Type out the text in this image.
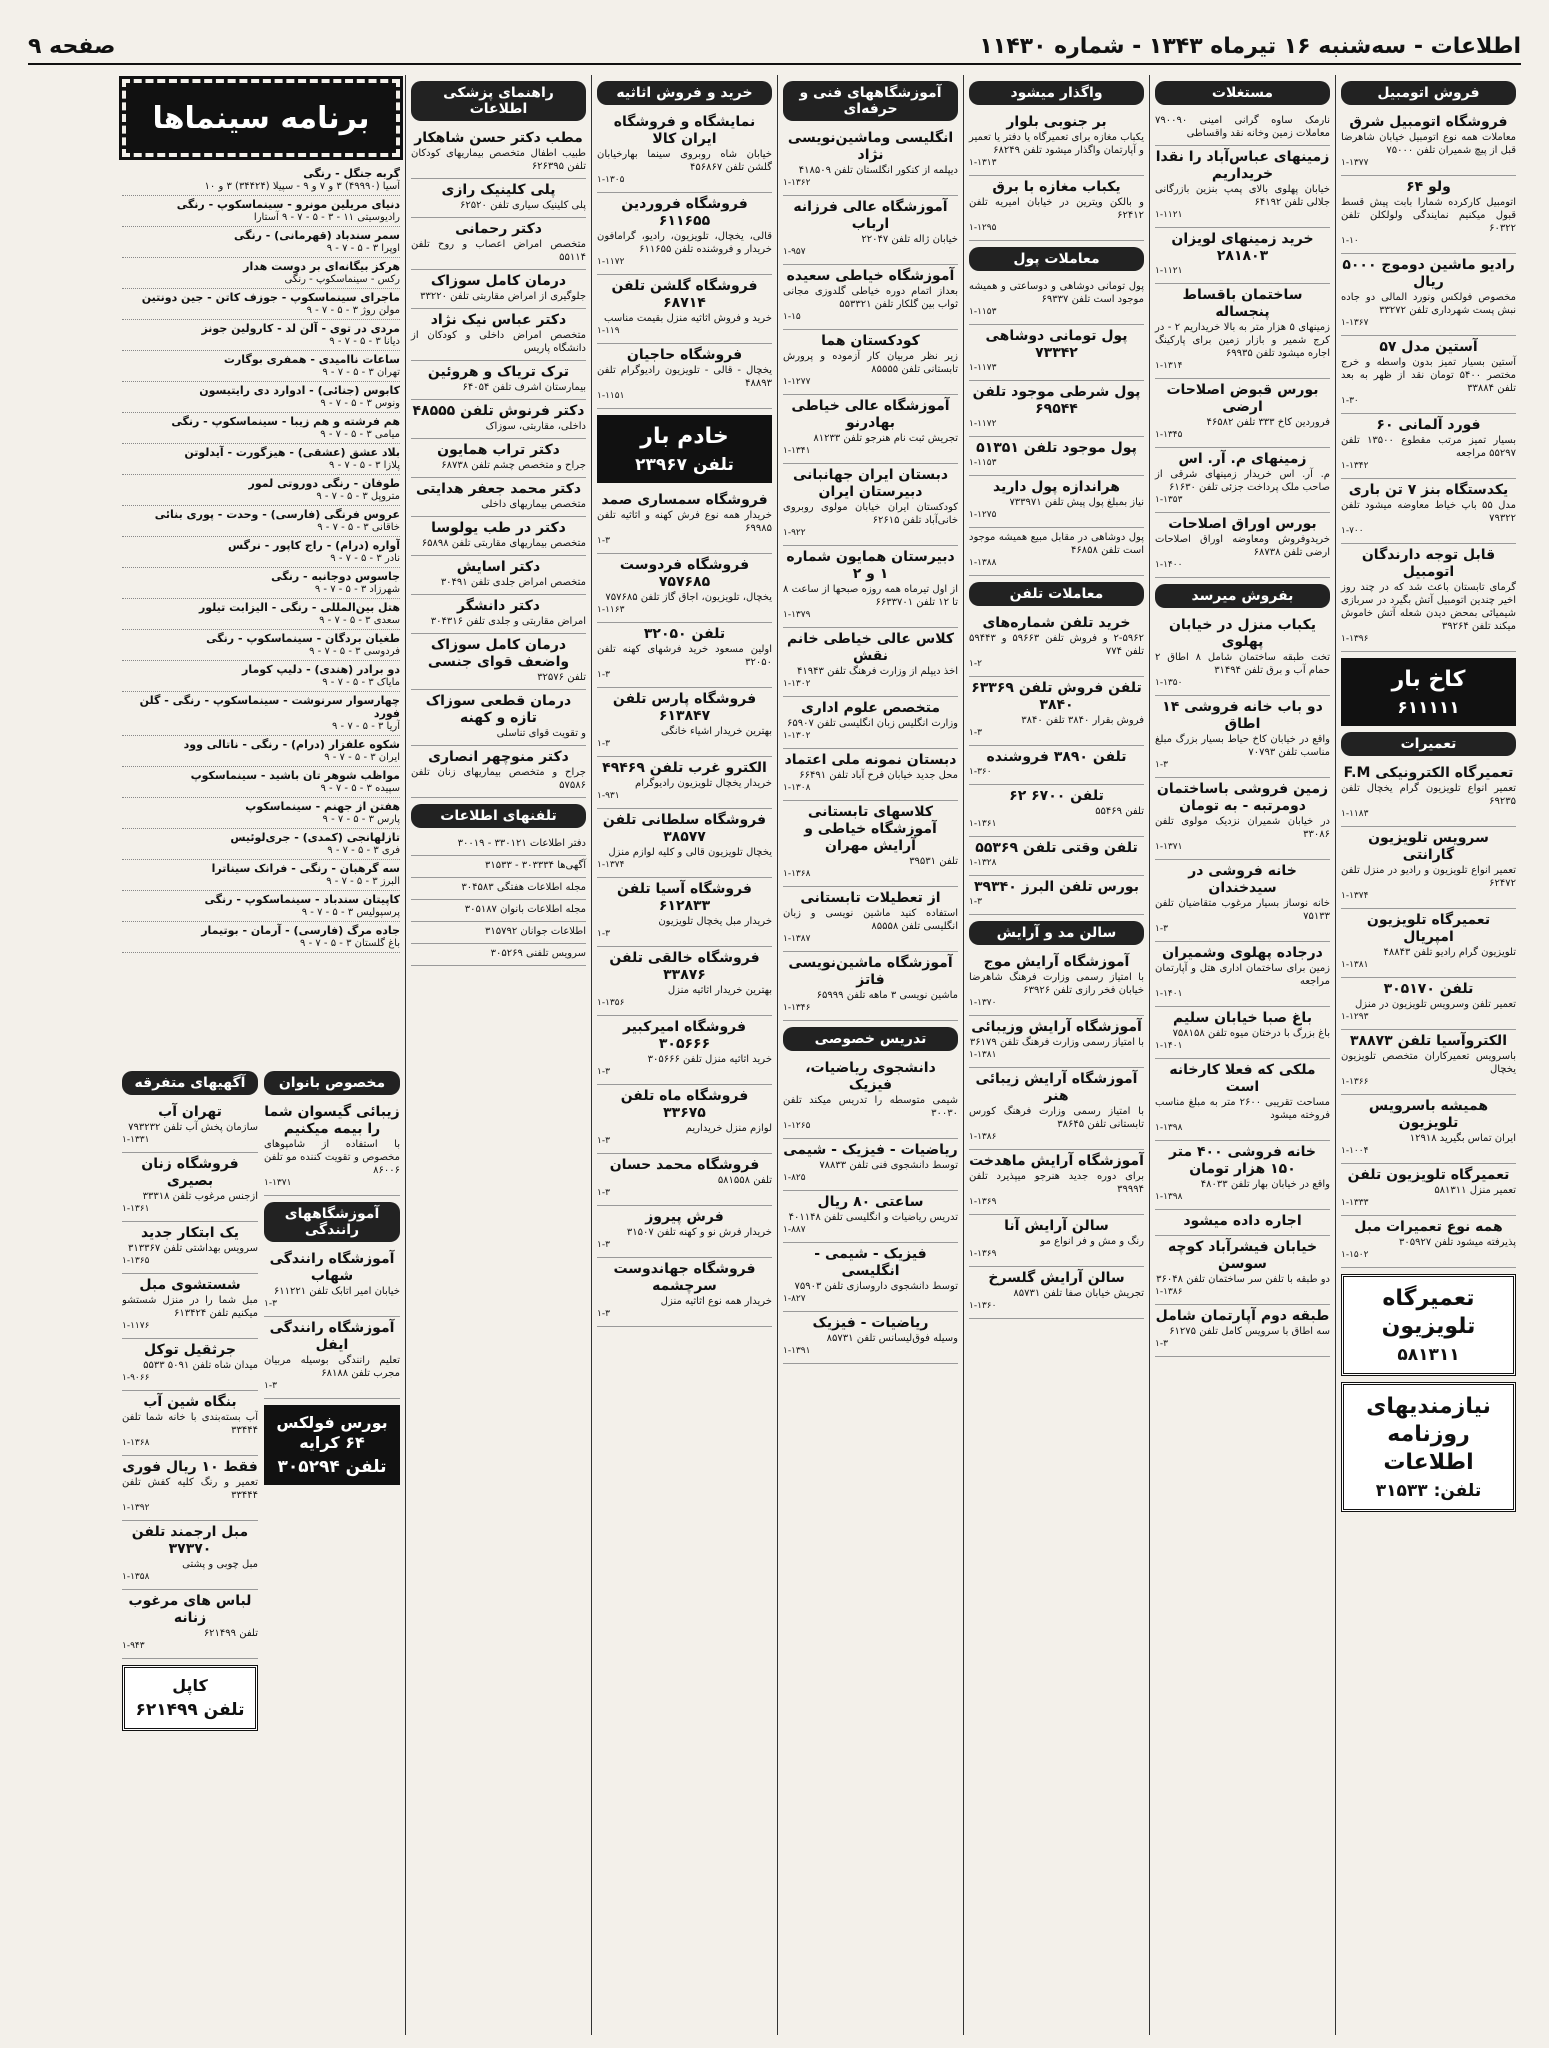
اطلاعات - سه‌شنبه ۱۶ تیرماه ۱۳۴۳ - شماره ۱۱۴۳۰
صفحه ۹
فروش اتومبیل
فروشگاه اتومبیل شرق
معاملات همه نوع اتومبیل خیابان شاهرضا قبل از پیچ شمیران تلفن ۷۵۰۰۰
۱-۱۳۷۷
ولو ۶۴
اتومبیل کارکرده شمارا بابت پیش قسط قبول میکنیم نمایندگی ولولکلن تلفن ۶۰۳۲۲
۱-۱۰
رادیو ماشین دوموج ۵۰۰۰ ریال
مخصوص فولکس ونورد المالی دو جاده نبش پست شهرداری تلفن ۳۳۲۷۲
۱-۱۳۶۷
آستین مدل ۵۷
آستین بسیار تمیز بدون واسطه و خرج مختصر ۵۴۰۰ تومان نقد از ظهر به بعد تلفن ۳۳۸۸۴
۱-۳۰
فورد آلمانی ۶۰
بسیار تمیز مرتب مقطوع ۱۳۵۰۰ تلفن ۵۵۲۹۷ مراجعه
۱-۱۳۴۲
یکدستگاه بنز ۷ تن باری
مدل ۵۵ باپ خیاط معاوضه میشود تلفن ۷۹۳۲۲
۱-۷۰۰
قابل توجه دارندگان اتومبیل
گرمای تابستان باعث شد که در چند روز اخیر چندین اتومبیل آتش بگیرد در سربازی شیمیائی بمحض دیدن شعله آتش خاموش میکند تلفن ۳۹۲۶۴
۱-۱۳۹۶
کاخ بار
۶۱۱۱۱۱
تعمیرات
تعمیرگاه الکترونیکی F.M
تعمیر انواع تلویزیون گرام یخچال تلفن ۶۹۲۳۵
۱-۱۱۸۳
سرویس تلویزیون گارانتی
تعمیر انواع تلویزیون و رادیو در منزل تلفن ۶۲۴۷۲
۱-۱۳۷۴
تعمیرگاه تلویزیون امپریال
تلویزیون گرام رادیو تلفن ۴۸۸۴۳
۱-۱۳۸۱
تلفن ۳۰۵۱۷۰
تعمیر تلفن وسرویس تلویزیون در منزل
۱-۱۲۹۳
الکتروآسیا تلفن ۳۸۸۷۳
باسرویس تعمیرکاران متخصص تلویزیون یخچال
۱-۱۳۶۶
همیشه باسرویس تلویزیون
ایران تماس بگیرید ۱۲۹۱۸
۱-۱۰۰۴
تعمیرگاه تلویزیون تلفن
تعمیر منزل ۵۸۱۳۱۱
۱-۱۳۳۳
همه نوع تعمیرات مبل
پذیرفته میشود تلفن ۳۰۵۹۲۷
۱-۱۵۰۲
تعمیرگاه تلویزیون
۵۸۱۳۱۱
نیازمندیهای روزنامه اطلاعات
تلفن: ۳۱۵۳۳
مستغلات
نارمک ساوه گرانی امینی ۷۹۰۰۹۰ معاملات زمین وخانه نقد واقساطی
زمینهای عباس‌آباد را نقدا خریداریم
خیابان پهلوی بالای پمپ بنزین بازرگانی جلالی تلفن ۶۴۱۹۲
۱-۱۱۲۱
خرید زمینهای لویزان ۲۸۱۸۰۳
۱-۱۱۲۱
ساختمان باقساط پنجساله
زمینهای ۵ هزار متر به بالا خریداریم ۲ - در کرج شمیر و بازار زمین برای پارکینگ اجاره میشود تلفن ۶۹۹۳۵
۱-۱۳۱۴
بورس قبوض اصلاحات ارضی
فروردین کاخ ۳۳۳ تلفن ۴۶۵۸۲
۱-۱۳۴۵
زمینهای م. آر. اس
م. آر. اس خریدار زمینهای شرقی از صاحب ملک پرداخت جزئی تلفن ۶۱۶۳۰
۱-۱۳۵۳
بورس اوراق اصلاحات
خریدوفروش ومعاوضه اوراق اصلاحات ارضی تلفن ۶۸۷۳۸
۱-۱۴۰۰
بفروش میرسد
یکباب منزل در خیابان پهلوی
تخت طبقه ساختمان شامل ۸ اطاق ۲ حمام آب و برق تلفن ۳۱۴۹۴
۱-۱۳۵۰
دو باب خانه فروشی ۱۴ اطاق
واقع در خیابان کاخ حیاط بسیار بزرگ مبلغ مناسب تلفن ۷۰۷۹۳
۱-۳
زمین فروشی باساختمان دومرتبه - به تومان
در خیابان شمیران نزدیک مولوی تلفن ۳۳۰۸۶
۱-۱۳۷۱
خانه فروشی در سیدخندان
خانه نوساز بسیار مرغوب متقاضیان تلفن ۷۵۱۳۳
۱-۳
درجاده پهلوی وشمیران
زمین برای ساختمان اداری هتل و آپارتمان مراجعه
۱-۱۴۰۱
باغ صبا خیابان سلیم
باغ بزرگ با درختان میوه تلفن ۷۵۸۱۵۸
۱-۱۴۰۱
ملکی که فعلا کارخانه است
مساحت تقریبی ۲۶۰۰ متر به مبلغ مناسب فروخته میشود
۱-۱۳۹۸
خانه فروشی ۴۰۰ متر ۱۵۰ هزار تومان
واقع در خیابان بهار تلفن ۴۸۰۳۳
۱-۱۳۹۸
اجاره داده میشود
خیابان فیشرآباد کوچه سوسن
دو طبقه با تلفن سر ساختمان تلفن ۳۶۰۴۸
۱-۱۳۸۶
طبقه دوم آپارتمان شامل
سه اطاق با سرویس کامل تلفن ۶۱۲۷۵
۱-۳
واگذار میشود
بر جنوبی بلوار
یکباب مغازه برای تعمیرگاه یا دفتر یا تعمیر و آپارتمان واگذار میشود تلفن ۶۸۲۴۹
۱-۱۳۱۳
یکباب مغازه با برق
و بالکن ویترین در خیابان امیریه تلفن ۶۲۴۱۲
۱-۱۲۹۵
معاملات پول
پول تومانی دوشاهی و دوساعتی و همیشه موجود است تلفن ۶۹۳۳۷
۱-۱۱۵۳
پول تومانی دوشاهی ۷۳۳۴۲
۱-۱۱۷۳
پول شرطی موجود تلفن ۶۹۵۴۴
۱-۱۱۷۲
پول موجود تلفن ۵۱۳۵۱
۱-۱۱۵۳
هراندازه پول دارید
نیاز بمبلغ پول پیش تلفن ۷۳۳۹۷۱
۱-۱۲۷۵
پول دوشاهی در مقابل مبیع همیشه موجود است تلفن ۴۶۸۵۸
۱-۱۳۸۸
معاملات تلفن
خرید تلفن شماره‌های
۲-۵۹۶۲ و فروش تلفن ۵۹۶۶۳ و ۵۹۴۴۳ تلفن ۷۷۴
۱-۲
تلفن فروش تلفن ۶۳۳۶۹ ۳۸۴۰
فروش بقرار ۳۸۴۰ تلفن ۳۸۴۰
۱-۳
تلفن ۳۸۹۰ فروشنده
۱-۳۶۰
تلفن ۶۷۰۰ ۶۲
تلفن ۵۵۴۶۹
۱-۱۳۶۱
تلفن وقتی تلفن ۵۵۳۶۹
۱-۱۳۲۸
بورس تلفن البرز ۳۹۳۴۰
۱-۳
سالن مد و آرایش
آموزشگاه آرایش موج
با امتیاز رسمی وزارت فرهنگ شاهرضا خیابان فخر رازی تلفن ۶۳۹۲۶
۱-۱۳۷۰
آموزشگاه آرایش وزیبائی
با امتیاز رسمی وزارت فرهنگ تلفن ۳۶۱۷۹
۱-۱۳۸۱
آموزشگاه آرایش زیبائی هنر
با امتیاز رسمی وزارت فرهنگ کورس تابستانی تلفن ۳۸۶۴۵
۱-۱۳۸۶
آموزشگاه آرایش ماهدخت
برای دوره جدید هنرجو میپذیرد تلفن ۳۹۹۹۴
۱-۱۳۶۹
سالن آرایش آنا
رنگ و مش و فر انواع مو
۱-۱۳۶۹
سالن آرایش گلسرخ
تجریش خیابان صفا تلفن ۸۵۷۳۱
۱-۱۳۶۰
آموزشگاههای فنی و حرفه‌ای
انگلیسی وماشین‌نویسی نژاد
دیپلمه از کنکور انگلستان تلفن ۴۱۸۵۰۹
۱-۱۳۶۲
آموزشگاه عالی فرزانه ارباب
خیابان ژاله تلفن ۲۲۰۴۷
۱-۹۵۷
آموزشگاه خیاطی سعیده
بعداز اتمام دوره خیاطی گلدوزی مجانی ثواب بین گلکار تلفن ۵۵۳۳۲۱
۱-۱۵
کودکستان هما
زیر نظر مربیان کار آزموده و پرورش تابستانی تلفن ۸۵۵۵۵
۱-۱۲۷۷
آموزشگاه عالی خیاطی بهادرنو
تجریش ثبت نام هنرجو تلفن ۸۱۲۳۳
۱-۱۳۴۱
دبستان ایران جهانبانی دبیرستان ایران
کودکستان ایران خیابان مولوی روبروی خانی‌آباد تلفن ۶۲۶۱۵
۱-۹۲۲
دبیرستان همایون شماره ۱ و ۲
از اول تیرماه همه روزه صبحها از ساعت ۸ تا ۱۲ تلفن ۶۶۳۳۷۰۱
۱-۱۳۷۹
کلاس عالی خیاطی خانم نقش
اخذ دیپلم از وزارت فرهنگ تلفن ۴۱۹۴۳
۱-۱۳۰۲
متخصص علوم اداری
وزارت انگلیس زبان انگلیسی تلفن ۶۵۹۰۷
۱-۱۳۰۲
دبستان نمونه ملی اعتماد
محل جدید خیابان فرح آباد تلفن ۶۶۴۹۱
۱-۱۳۰۸
کلاسهای تابستانی آموزشگاه خیاطی و آرایش مهران
تلفن ۳۹۵۳۱
۱-۱۳۶۸
از تعطیلات تابستانی
استفاده کنید ماشین نویسی و زبان انگلیسی تلفن ۸۵۵۵۸
۱-۱۳۸۷
آموزشگاه ماشین‌نویسی فاتز
ماشین نویسی ۳ ماهه تلفن ۶۵۹۹۹
۱-۱۳۴۶
تدریس خصوصی
دانشجوی ریاضیات، فیزیک
شیمی متوسطه را تدریس میکند تلفن ۳۰۰۳۰
۱-۱۲۶۵
ریاضیات - فیزیک - شیمی
توسط دانشجوی فنی تلفن ۷۸۸۳۳
۱-۸۲۵
ساعتی ۸۰ ریال
تدریس ریاضیات و انگلیسی تلفن ۴۰۱۱۴۸
۱-۸۸۷
فیزیک - شیمی - انگلیسی
توسط دانشجوی داروسازی تلفن ۷۵۹۰۳
۱-۸۲۷
ریاضیات - فیزیک
وسیله فوق‌لیسانس تلفن ۸۵۷۳۱
۱-۱۳۹۱
خرید و فروش اثاثیه
نمایشگاه و فروشگاه ایران کالا
خیابان شاه روبروی سینما بهارخیابان گلشن تلفن ۴۵۶۸۶۷
۱-۱۳۰۵
فروشگاه فروردین ۶۱۱۶۵۵
قالی، یخچال، تلویزیون، رادیو، گرامافون خریدار و فروشنده تلفن ۶۱۱۶۵۵
۱-۱۱۷۲
فروشگاه گلشن تلفن ۶۸۷۱۴
خرید و فروش اثاثیه منزل بقیمت مناسب
۱-۱۱۹
فروشگاه حاجیان
یخچال - قالی - تلویزیون رادیوگرام تلفن ۴۸۸۹۳
۱-۱۱۵۱
خادم بار
تلفن ۲۳۹۶۷
فروشگاه سمساری صمد
خریدار همه نوع فرش کهنه و اثاثیه تلفن ۶۹۹۸۵
۱-۳
فروشگاه فردوست ۷۵۷۶۸۵
یخچال، تلویزیون، اجاق گاز تلفن ۷۵۷۶۸۵
۱-۱۱۶۳
تلفن ۳۲۰۵۰
اولین مسعود خرید فرشهای کهنه تلفن ۳۲۰۵۰
۱-۳
فروشگاه پارس تلفن ۶۱۳۸۴۷
بهترین خریدار اشیاء خانگی
۱-۳
الکترو غرب تلفن ۴۹۴۶۹
خریدار یخچال تلویزیون رادیوگرام
۱-۹۳۱
فروشگاه سلطانی تلفن ۳۸۵۷۷
یخچال تلویزیون قالی و کلیه لوازم منزل
۱-۱۳۷۴
فروشگاه آسیا تلفن ۶۱۲۸۳۳
خریدار مبل یخچال تلویزیون
۱-۳
فروشگاه خالقی تلفن ۳۳۸۷۶
بهترین خریدار اثاثیه منزل
۱-۱۳۵۶
فروشگاه امیرکبیر ۳۰۵۶۶۶
خرید اثاثیه منزل تلفن ۳۰۵۶۶۶
۱-۳
فروشگاه ماه تلفن ۳۳۶۷۵
لوازم منزل خریداریم
۱-۳
فروشگاه محمد حسان
تلفن ۵۸۱۵۵۸
۱-۳
فرش پیروز
خریدار فرش نو و کهنه تلفن ۳۱۵۰۷
۱-۳
فروشگاه جهاندوست سرچشمه
خریدار همه نوع اثاثیه منزل
۱-۳
راهنمای پزشکی اطلاعات
مطب دکتر حسن شاهکار
طبیب اطفال متخصص بیماریهای کودکان تلفن ۶۲۶۳۹۵
پلی کلینیک رازی
پلی کلینیک سیاری تلفن ۶۲۵۲۰
دکتر رحمانی
متخصص امراض اعصاب و روح تلفن ۵۵۱۱۴
درمان کامل سوزاک
جلوگیری از امراض مقاربتی تلفن ۳۳۲۲۰
دکتر عباس نیک نژاد
متخصص امراض داخلی و کودکان از دانشگاه پاریس
ترک تریاک و هروئین
بیمارستان اشرف تلفن ۶۴۰۵۴
دکتر فرنوش تلفن ۴۸۵۵۵
داخلی، مقاربتی، سوزاک
دکتر تراب همایون
جراح و متخصص چشم تلفن ۶۸۷۳۸
دکتر محمد جعفر هدایتی
متخصص بیماریهای داخلی
دکتر در طب یولوسا
متخصص بیماریهای مقاربتی تلفن ۶۵۸۹۸
دکتر اسایش
متخصص امراض جلدی تلفن ۳۰۴۹۱
دکتر دانشگر
امراض مقاربتی و جلدی تلفن ۳۰۴۳۱۶
درمان کامل سوزاک واضعف قوای جنسی
تلفن ۳۲۵۷۶
درمان قطعی سوزاک تازه و کهنه
و تقویت قوای تناسلی
دکتر منوچهر انصاری
جراح و متخصص بیماریهای زنان تلفن ۵۷۵۸۶
تلفنهای اطلاعات
دفتر اطلاعات ۳۳۰۱۲۱ - ۳۰۰۱۹
آگهی‌ها ۳۰۳۳۳۴ - ۳۱۵۳۳
مجله اطلاعات هفتگی ۳۰۴۵۸۳
مجله اطلاعات بانوان ۳۰۵۱۸۷
اطلاعات جوانان ۳۱۵۷۹۲
سرویس تلفنی ۳۰۵۲۶۹
برنامه سینماها
گربه جنگل - رنگی
آسیا (۴۹۹۹۰) ۳ و ۷ و ۹ - سپیلا (۳۴۴۲۴) ۳ و ۱۰
دنیای مریلین مونرو - سینماسکوپ - رنگی
رادیوسیتی ۱۱ - ۳ - ۵ - ۷ - ۹ آستارا
سمر سندباد (قهرمانی) - رنگی
اوپرا ۳ - ۵ - ۷ - ۹
هرکز بیگانه‌ای بر دوست هدار
رکس - سینماسکوپ - رنگی
ماجرای سینماسکوپ - جوزف کاتن - جین دونتین
مولن روژ ۳ - ۵ - ۷ - ۹
مردی در توی - آلن لد - کارولین جونز
دیانا ۳ - ۵ - ۷ - ۹
ساعات ناامیدی - همفری بوگارت
تهران ۳ - ۵ - ۷ - ۹
کابوس (جنائی) - ادوارد دی رایتیسون
ونوس ۳ - ۵ - ۷ - ۹
هم فرشته و هم زیبا - سینماسکوپ - رنگی
میامی ۳ - ۵ - ۷ - ۹
بلاد عشق (عشقی) - هیزگورت - آیدلوتن
پلازا ۳ - ۵ - ۷ - ۹
طوفان - رنگی دوروتی لمور
متروپل ۳ - ۵ - ۷ - ۹
عروس فرنگی (فارسی) - وحدت - پوری بنائی
خاقانی ۳ - ۵ - ۷ - ۹
آواره (درام) - راج کاپور - نرگس
نادر ۳ - ۵ - ۷ - ۹
جاسوس دوجانبه - رنگی
شهرزاد ۳ - ۵ - ۷ - ۹
هتل بین‌المللی - رنگی - الیزابت تیلور
سعدی ۳ - ۵ - ۷ - ۹
طغیان بردگان - سینماسکوپ - رنگی
فردوسی ۳ - ۵ - ۷ - ۹
دو برادر (هندی) - دلیپ کومار
مایاک ۳ - ۵ - ۷ - ۹
چهارسوار سرنوشت - سینماسکوپ - رنگی - گلن فورد
آریا ۳ - ۵ - ۷ - ۹
شکوه علفزار (درام) - رنگی - ناتالی وود
ایران ۳ - ۵ - ۷ - ۹
مواظب شوهر تان باشید - سینماسکوپ
سپیده ۳ - ۵ - ۷ - ۹
هفتن از جهنم - سینماسکوپ
پارس ۳ - ۵ - ۷ - ۹
تازلهانجی (کمدی) - جری‌لوئیس
فری ۳ - ۵ - ۷ - ۹
سه گرهبان - رنگی - فرانک سیناترا
البرز ۳ - ۵ - ۷ - ۹
کاپیتان سندباد - سینماسکوپ - رنگی
پرسپولیس ۳ - ۵ - ۷ - ۹
جاده مرگ (فارسی) - آرمان - بوتیمار
باغ گلستان ۳ - ۵ - ۷ - ۹
مخصوص بانوان
زیبائی گیسوان شما را بیمه میکنیم
با استفاده از شامپوهای مخصوص و تقویت کننده مو تلفن ۸۶۰۰۶
۱-۱۳۷۱
آموزشگاههای رانندگی
آموزشگاه رانندگی شهاب
خیابان امیر اتابک تلفن ۶۱۱۲۲۱
۱-۳
آموزشگاه رانندگی ایفل
تعلیم رانندگی بوسیله مربیان مجرب تلفن ۶۸۱۸۸
۱-۳
بورس فولکس ۶۴ کرایه
تلفن ۳۰۵۲۹۴
آگهیهای متفرقه
تهران آب
سازمان پخش آب تلفن ۷۹۳۲۳۲
۱-۱۳۳۱
فروشگاه زنان بصیری
ازجنس مرغوب تلفن ۳۳۳۱۸
۱-۱۳۶۱
یک ابتکار جدید
سرویس بهداشتی تلفن ۳۱۳۳۶۷
۱-۱۳۶۵
شستشوی مبل
مبل شما را در منزل شستشو میکنیم تلفن ۶۱۳۴۲۴
۱-۱۱۷۶
جرثقیل توکل
میدان شاه تلفن ۵۰۹۱ ۵۵۳۳
۱-۹۰۶۶
بنگاه شین آب
آب بسته‌بندی با خانه شما تلفن ۳۳۴۴۴
۱-۱۳۶۸
فقط ۱۰ ریال فوری
تعمیر و رنگ کلیه کفش تلفن ۳۳۴۴۴
۱-۱۳۹۲
مبل ارجمند تلفن ۳۷۳۷۰
مبل چوبی و پشتی
۱-۱۳۵۸
لباس های مرغوب زنانه
تلفن ۶۲۱۴۹۹
۱-۹۴۳
کاپل
تلفن ۶۲۱۴۹۹
